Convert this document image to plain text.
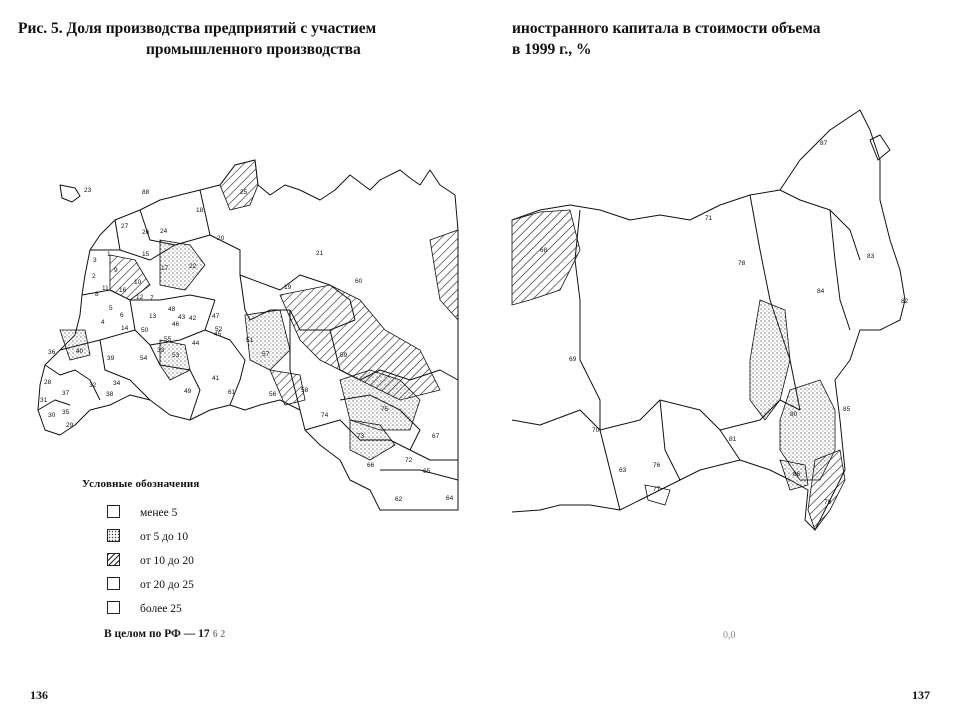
Рис. 5. Доля производства предприятий с участием
промышленного производства
иностранного капитала в стоимости объема
в 1999 г., %
23	88
18
27
26 24
20
25
15
2
3
8
11 16
17	22
9
10
19
21
60
1
5
4
12
13
48
7
47
43
46
42
50
6
14
36	40
39	54	53
45
51
57	59
44
34
33
41
61	56
58
32
49
75
31
30 35
38
74
37
28
29
73	67
66
72
65
62	64
52
55
87
68
78
83
84
82
69
80
85
70
81
63
76
77
86
79
71
Условные обозначения
менее 5
от 5 до 10
от 10 до 20
от 20 до 25
более 25
В целом по РФ — 17 6 2	0,0
136	137
